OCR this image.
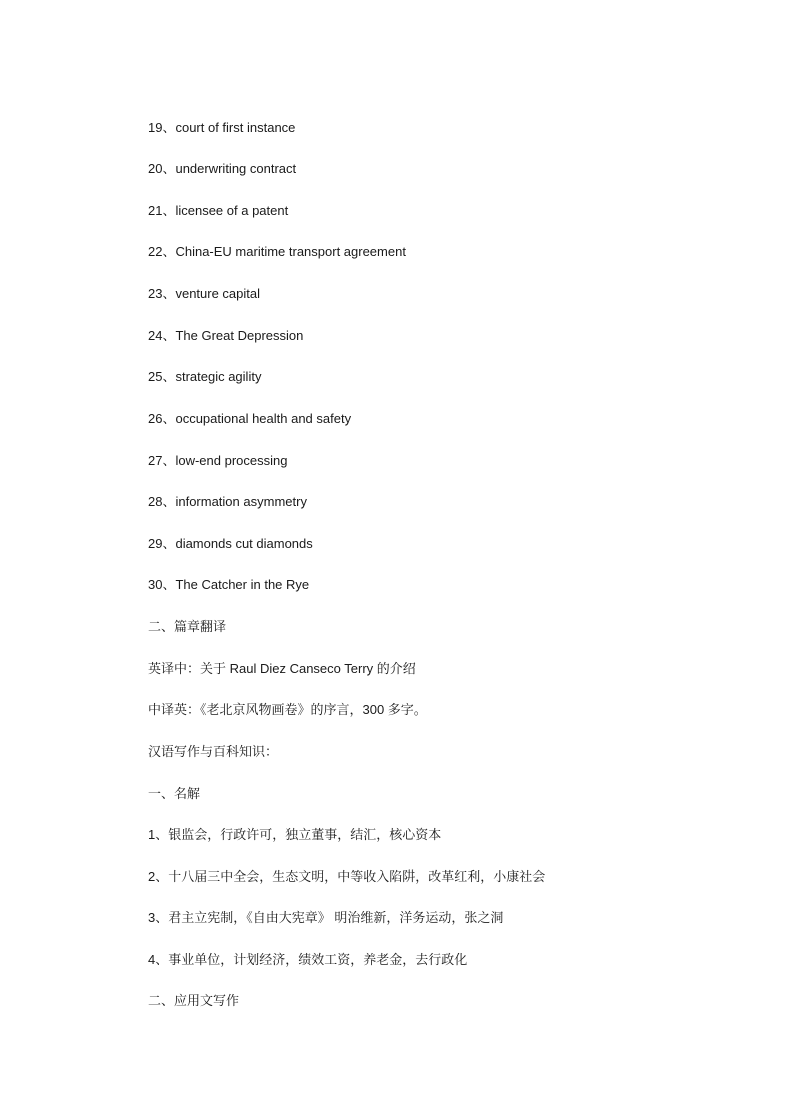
19、court of first instance
20、underwriting contract
21、licensee of a patent
22、China-EU maritime transport agreement
23、venture capital
24、The Great Depression
25、strategic agility
26、occupational health and safety
27、low-end processing
28、information asymmetry
29、diamonds cut diamonds
30、The Catcher in the Rye
二、篇章翻译
英译中：关于 Raul Diez Canseco Terry 的介绍
中译英：《老北京风物画卷》的序言，300 多字。
汉语写作与百科知识：
一、名解
1、银监会，行政许可，独立董事，结汇，核心资本
2、十八届三中全会，生态文明，中等收入陷阱，改革红利，小康社会
3、君主立宪制，《自由大宪章》 明治维新，洋务运动，张之洞
4、事业单位，计划经济，绩效工资，养老金，去行政化
二、应用文写作
